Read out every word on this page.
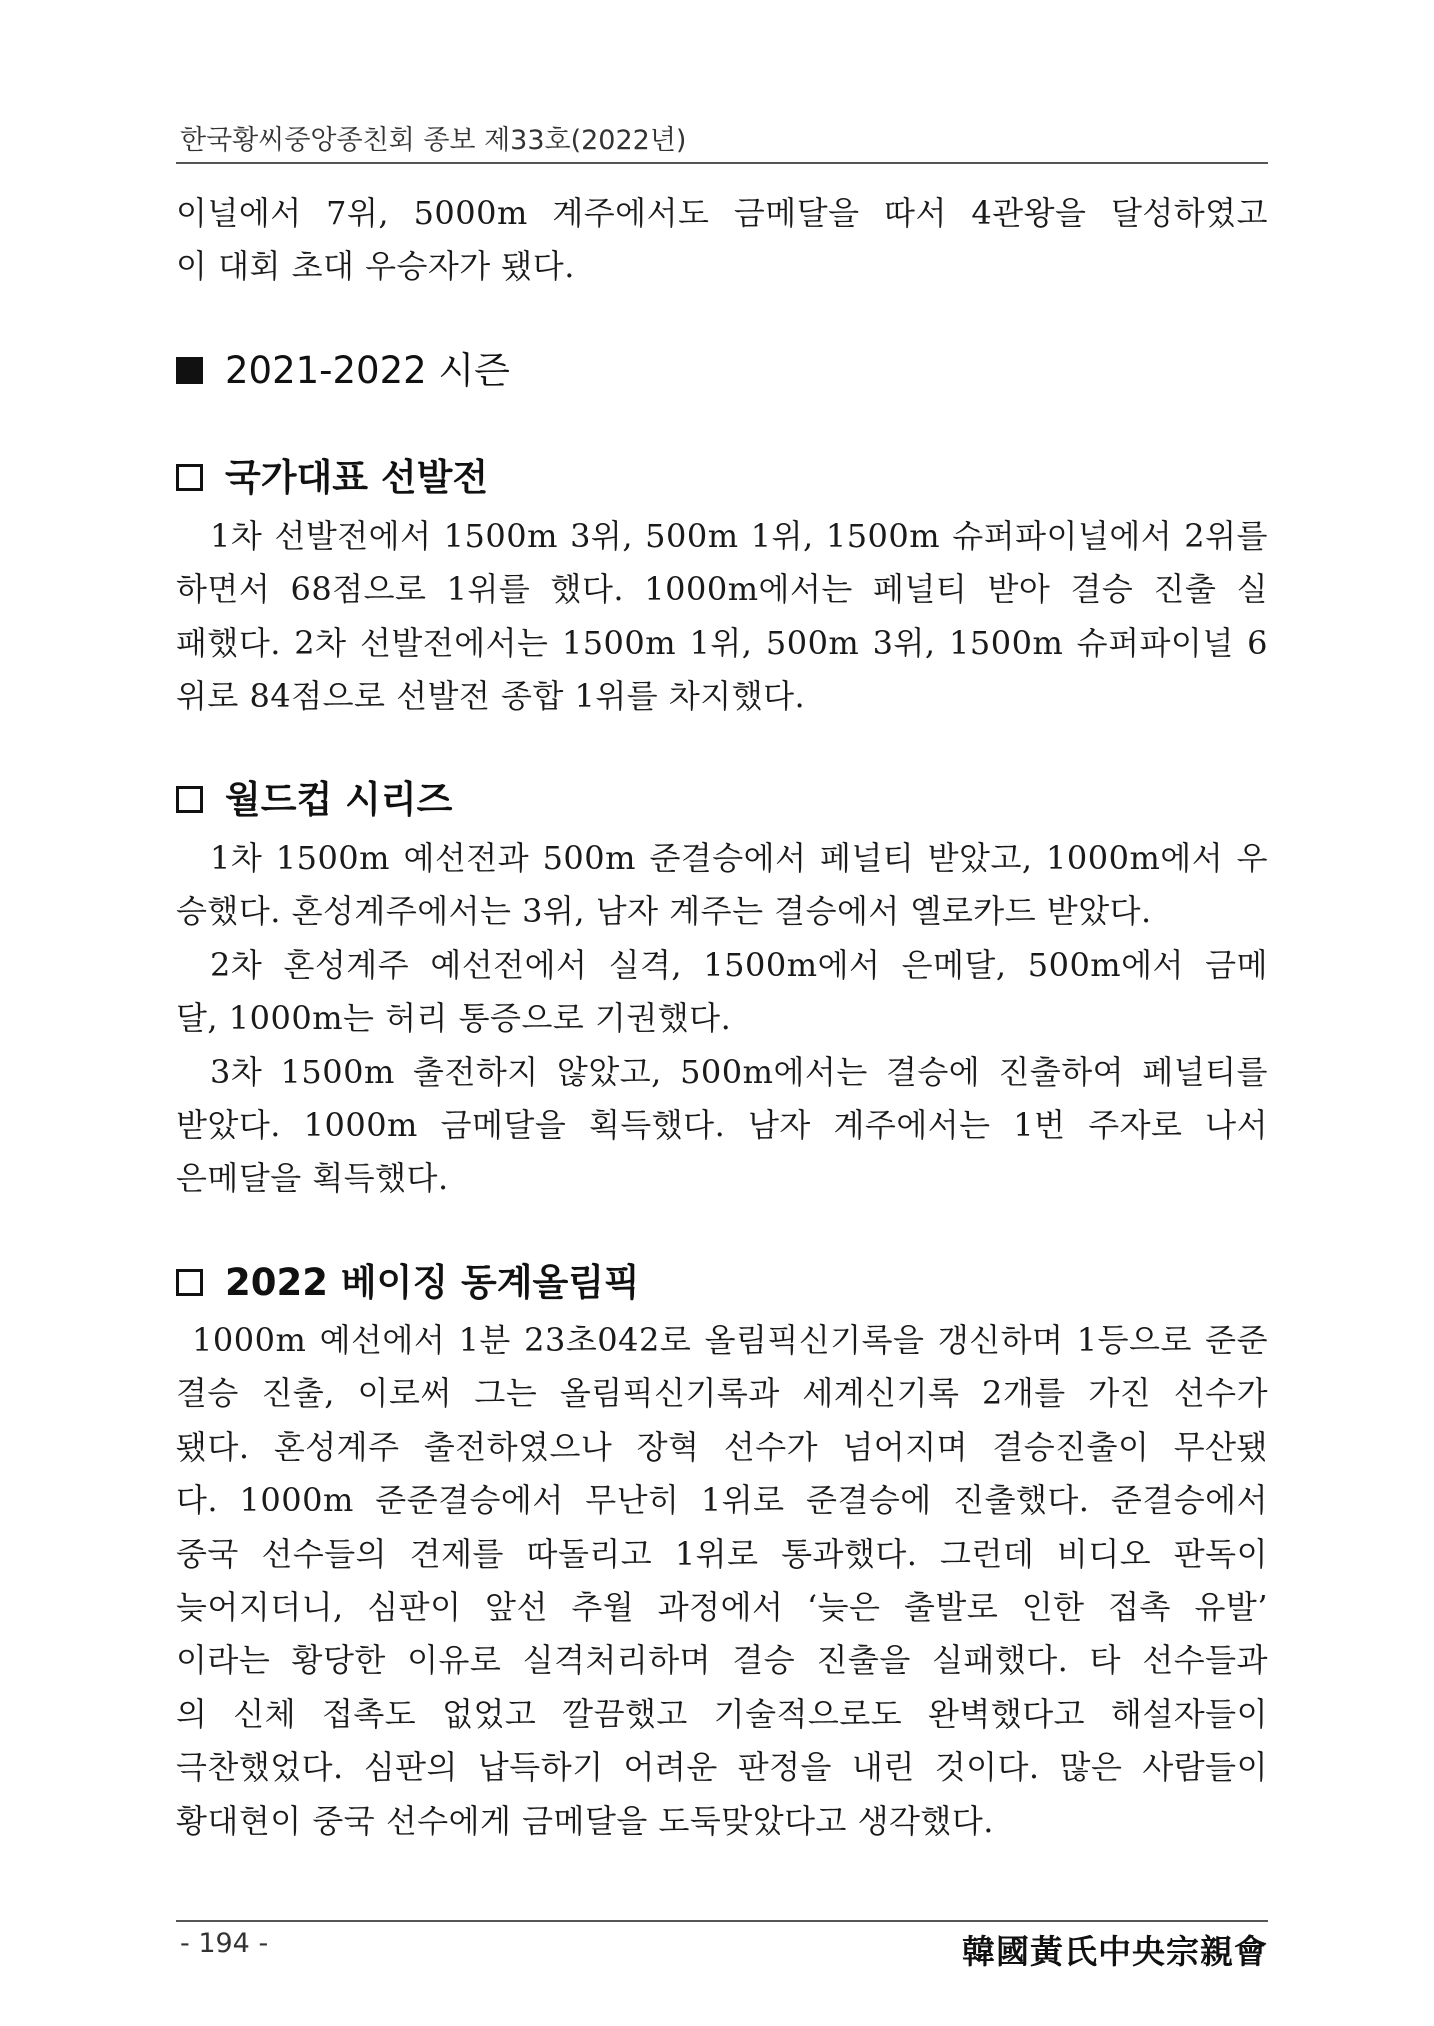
한국황씨중앙종친회 종보 제33호(2022년)
이널에서 7위, 5000m 계주에서도 금메달을 따서 4관왕을 달성하였고
이 대회 초대 우승자가 됐다.
2021-2022 시즌
국가대표 선발전
1차 선발전에서 1500m 3위, 500m 1위, 1500m 슈퍼파이널에서 2위를
하면서 68점으로 1위를 했다. 1000m에서는 페널티 받아 결승 진출 실
패했다. 2차 선발전에서는 1500m 1위, 500m 3위, 1500m 슈퍼파이널 6
위로 84점으로 선발전 종합 1위를 차지했다.
월드컵 시리즈
1차 1500m 예선전과 500m 준결승에서 페널티 받았고, 1000m에서 우
승했다. 혼성계주에서는 3위, 남자 계주는 결승에서 옐로카드 받았다.
2차 혼성계주 예선전에서 실격, 1500m에서 은메달, 500m에서 금메
달, 1000m는 허리 통증으로 기권했다.
3차 1500m 출전하지 않았고, 500m에서는 결승에 진출하여 페널티를
받았다. 1000m 금메달을 획득했다. 남자 계주에서는 1번 주자로 나서
은메달을 획득했다.
2022 베이징 동계올림픽
1000m 예선에서 1분 23초042로 올림픽신기록을 갱신하며 1등으로 준준
결승 진출, 이로써 그는 올림픽신기록과 세계신기록 2개를 가진 선수가
됐다. 혼성계주 출전하였으나 장혁 선수가 넘어지며 결승진출이 무산됐
다. 1000m 준준결승에서 무난히 1위로 준결승에 진출했다. 준결승에서
중국 선수들의 견제를 따돌리고 1위로 통과했다. 그런데 비디오 판독이
늦어지더니, 심판이 앞선 추월 과정에서 ‘늦은 출발로 인한 접촉 유발’
이라는 황당한 이유로 실격처리하며 결승 진출을 실패했다. 타 선수들과
의 신체 접촉도 없었고 깔끔했고 기술적으로도 완벽했다고 해설자들이
극찬했었다. 심판의 납득하기 어려운 판정을 내린 것이다. 많은 사람들이
황대현이 중국 선수에게 금메달을 도둑맞았다고 생각했다.
- 194 -	韓國黃氏中央宗親會
